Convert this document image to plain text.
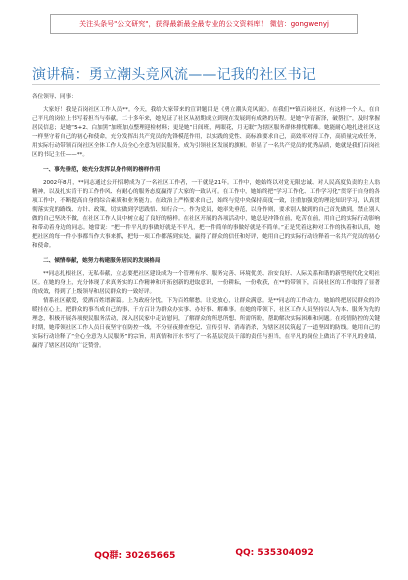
关注头条号"公文研究"，获得最新最全最专业的公文资料库！ 微信：gongwenyj
演讲稿：勇立潮头竞风流——记我的社区书记
各位领导、同事：

大家好！我是百岗社区工作人员**。今天，我给大家带来的宣讲题目是《勇立潮头竞风流》。在我们**镇百岗社区，有这样一个人，在自己平凡的岗位上书写着担当与奉献。二十多年来，她见证了社区从初期成立到现在发展到有成熟的历程。是她“孕育新泽，破帮扛”，及时掌握居民信息；是她“5+2、白加黑”加班加点整理迎检材料；更是她“日间班，两眼花，月无眠”为辖区服务群体排忧解难。她能耐心地扎进社区这一样坚守着自己的初心和使命，充分发挥出共产党员的先锋模范作用，以实践的党性、高标准要求自己，高效率对待工作，高质量完成任务，用实际行动带领百岗社区全体工作人员全心全意为居民服务，成为引领社区发展的旗帜。彰显了一名共产党员的优秀品质，她就是我们百岗社区的书记主任——**。

一、事先垂范，她充分发挥以身作则的榜样作用

2002年8月，**同志通过公开招聘成为了一名社区工作者，一干就是21年。工作中，她始终以对党无限忠诚、对人民高度负责的主人翁精神，以及扎实肯干的工作作风、有耐心的服务态度赢得了大家的一致认可。在工作中，她始终把“学习工作化、工作学习化”贯穿于自身的各项工作中，不断提高自身的综合素质和业务能力。在政治上严格要求自己，始终与党中央保持高度一致，注重加强党的理论知识学习，认真贯彻落实党的路线、方针、政策，切实做到学思践悟、知行合一。作为党员，她率先垂范，以身作则，要求别人做到的自己首先做到，禁止别人做的自己坚决不做，在社区工作人员中树立起了良好的榜样。在社区开展的各项活动中，她总是冲锋在前，吃苦在前，用自己的实际行动影响和带动着身边的同志。她常说：“把一件平凡的事做好就是不平凡，把一件简单的事做好就是不简单。”正是凭着这种对工作的执着和认真，她把社区的每一件小事都当作大事来抓，把每一项工作都落到实处，赢得了群众的信任和好评，她用自己的实际行动诠释着一名共产党员的初心和使命。

二、倾情奉献，她努力构建服务居民的发展格局

**同志扎根社区，无私奉献，立志要把社区建设成为一个管理有序、服务完善、环境优美、治安良好、人际关系和谐的新型现代化文明社区。在她的身上，充分体现了求真务实的工作精神和开拓创新的进取意识，一份耕耘，一份收获，在**的带领下，百岗社区的工作取得了显著的成效，得到了上级领导和居民群众的一致好评。

情系社区献爱，爱洒百姓谱新篇。上为政府分忧，下为百姓解愁。让党放心，让群众满意。是**同志的工作动力。她始终把居民群众的冷暖挂在心上，把群众的事当成自己的事，千方百计为群众办实事、办好事、解难事。在她的带领下，社区工作人员坚持以人为本、服务为先的理念，积极开展各项便民服务活动，深入居民家中走访慰问，了解群众的所思所想、所需所盼，帮助解决实际困难和问题。在疫情防控的关键时期，她带领社区工作人员日夜坚守在防控一线，不分昼夜排查登记、宣传引导、消毒消杀，为辖区居民筑起了一道坚固的防线。她用自己的实际行动诠释了“全心全意为人民服务”的宗旨，用真情和汗水书写了一名基层党员干部的责任与担当，在平凡的岗位上做出了不平凡的业绩，赢得了辖区居民的广泛赞誉。

QQ群: 30265665	QQ: 535304092
